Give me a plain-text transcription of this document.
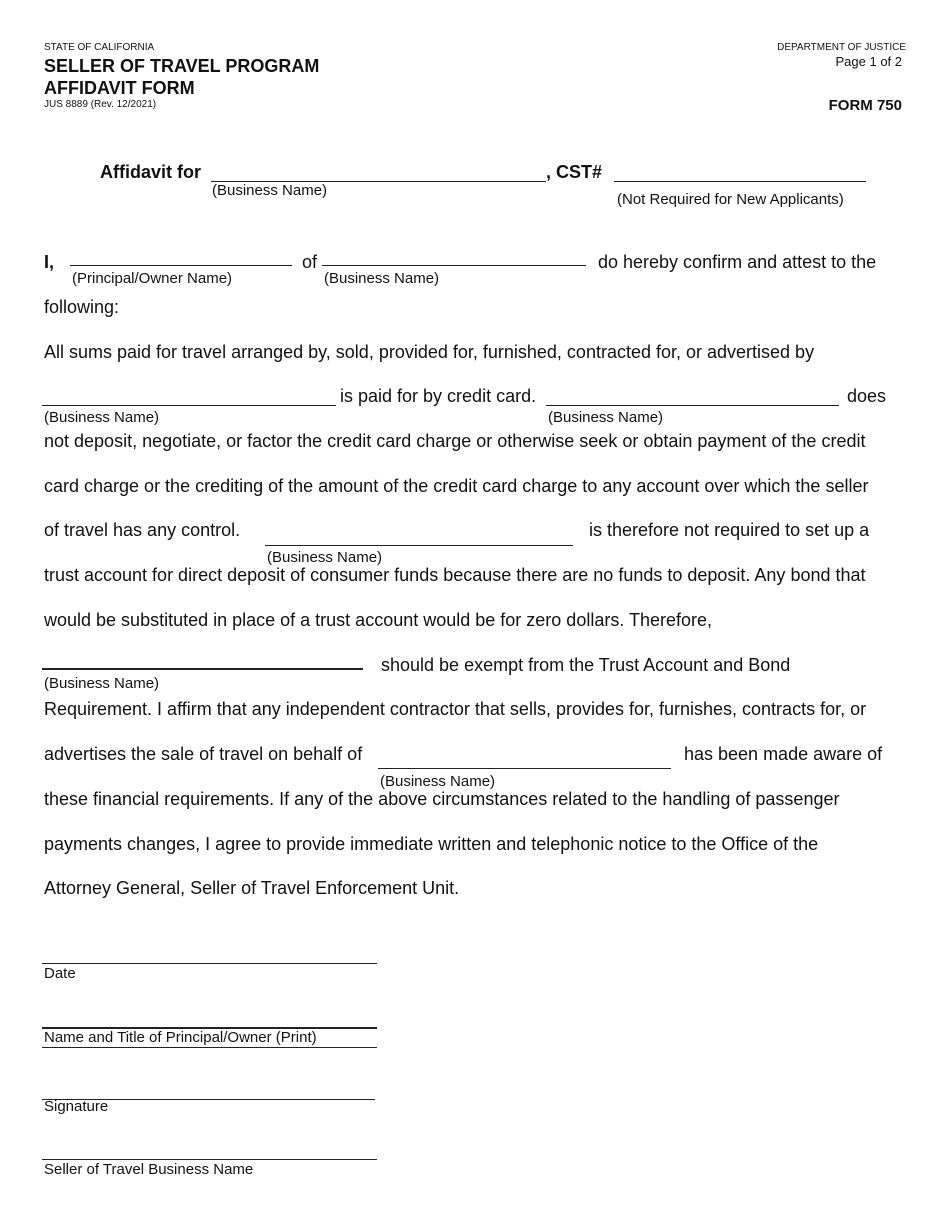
STATE OF CALIFORNIA
SELLER OF TRAVEL PROGRAM
AFFIDAVIT FORM
JUS 8889 (Rev. 12/2021)
DEPARTMENT OF JUSTICE
Page 1 of 2
FORM 750
Affidavit for
(Business Name)
, CST#
(Not Required for New Applicants)
I,
(Principal/Owner Name)
of
(Business Name)
do hereby confirm and attest to the
following:
All sums paid for travel arranged by, sold, provided for, furnished, contracted for, or advertised by
(Business Name)
is paid for by credit card.
(Business Name)
does
not deposit, negotiate, or factor the credit card charge or otherwise seek or obtain payment of the credit
card charge or the crediting of the amount of the credit card charge to any account over which the seller
of travel has any control.
(Business Name)
is therefore not required to set up a
trust account for direct deposit of consumer funds because there are no funds to deposit. Any bond that
would be substituted in place of a trust account would be for zero dollars. Therefore,
(Business Name)
should be exempt from the Trust Account and Bond
Requirement. I affirm that any independent contractor that sells, provides for, furnishes, contracts for, or
advertises the sale of travel on behalf of
(Business Name)
has been made aware of
these financial requirements. If any of the above circumstances related to the handling of passenger
payments changes, I agree to provide immediate written and telephonic notice to the Office of the
Attorney General, Seller of Travel Enforcement Unit.
Date
Name and Title of Principal/Owner (Print)
Signature
Seller of Travel Business Name
